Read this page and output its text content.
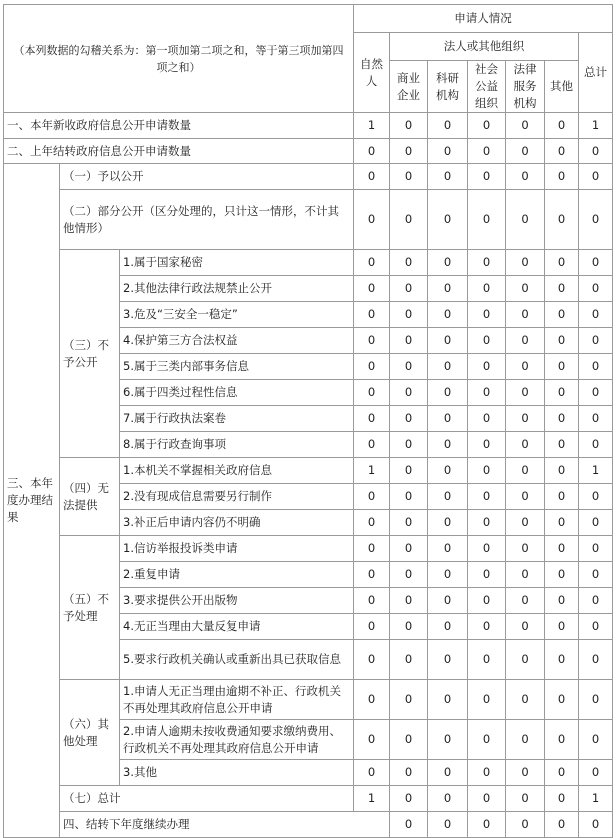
（本列数据的勾稽关系为：第一项加第二项之和，等于第三项加第四项之和）			申请人情况							
			自然人	法人或其他组织					总计	
				商业企业	科研机构	社会公益组织	法律服务机构	其他		
一、本年新收政府信息公开申请数量			1	0	0	0	0	0	1	
二、上年结转政府信息公开申请数量			0	0	0	0	0	0	0	
三、本年度办理结果	（一）予以公开		0	0	0	0	0	0	0	
	（二）部分公开（区分处理的，只计这一情形，不计其他情形）		0	0	0	0	0	0	0	
	（三）不予公开	1.属于国家秘密	0	0	0	0	0	0	0	
		2.其他法律行政法规禁止公开	0	0	0	0	0	0	0	
		3.危及“三安全一稳定”	0	0	0	0	0	0	0	
		4.保护第三方合法权益	0	0	0	0	0	0	0	
		5.属于三类内部事务信息	0	0	0	0	0	0	0	
		6.属于四类过程性信息	0	0	0	0	0	0	0	
		7.属于行政执法案卷	0	0	0	0	0	0	0	
		8.属于行政查询事项	0	0	0	0	0	0	0	
	（四）无法提供	1.本机关不掌握相关政府信息	1	0	0	0	0	0	1	
		2.没有现成信息需要另行制作	0	0	0	0	0	0	0	
		3.补正后申请内容仍不明确	0	0	0	0	0	0	0	
	（五）不予处理	1.信访举报投诉类申请	0	0	0	0	0	0	0	
		2.重复申请	0	0	0	0	0	0	0	
		3.要求提供公开出版物	0	0	0	0	0	0	0	
		4.无正当理由大量反复申请	0	0	0	0	0	0	0	
		5.要求行政机关确认或重新出具已获取信息	0	0	0	0	0	0	0	
	（六）其他处理	1.申请人无正当理由逾期不补正、行政机关不再处理其政府信息公开申请	0	0	0	0	0	0	0	
		2.申请人逾期未按收费通知要求缴纳费用、行政机关不再处理其政府信息公开申请	0	0	0	0	0	0	0	
		3.其他	0	0	0	0	0	0	0	
	（七）总计		1	0	0	0	0	0	1	
	四、结转下年度继续办理			0	0	0	0	0	0	
